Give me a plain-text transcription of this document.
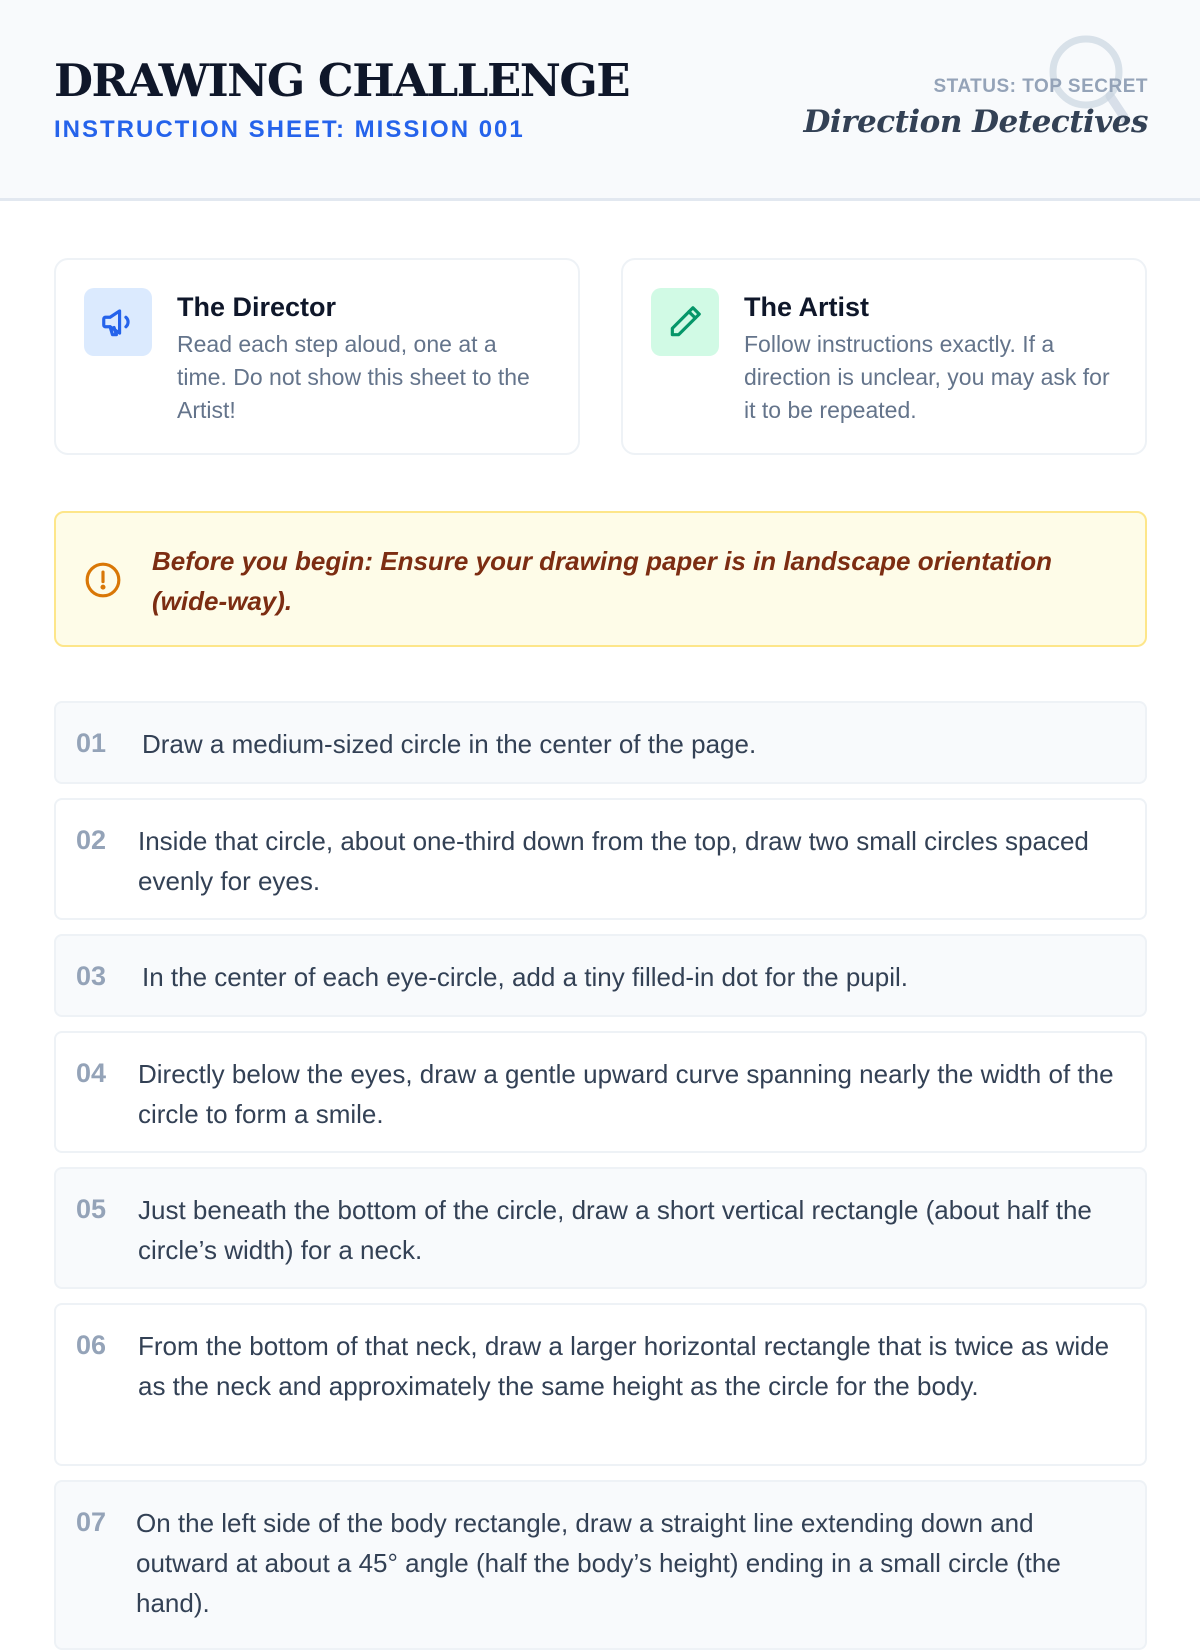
DRAWING CHALLENGE
INSTRUCTION SHEET: MISSION 001
STATUS: TOP SECRET
Direction Detectives
The Director
Read each step aloud, one at a time. Do not show this sheet to the Artist!
The Artist
Follow instructions exactly. If a direction is unclear, you may ask for it to be repeated.
Before you begin: Ensure your drawing paper is in landscape orientation (wide-way).
01 Draw a medium-sized circle in the center of the page.
02 Inside that circle, about one-third down from the top, draw two small circles spaced evenly for eyes.
03 In the center of each eye-circle, add a tiny filled-in dot for the pupil.
04 Directly below the eyes, draw a gentle upward curve spanning nearly the width of the circle to form a smile.
05 Just beneath the bottom of the circle, draw a short vertical rectangle (about half the circle’s width) for a neck.
06 From the bottom of that neck, draw a larger horizontal rectangle that is twice as wide as the neck and approximately the same height as the circle for the body.
07 On the left side of the body rectangle, draw a straight line extending down and outward at about a 45° angle (half the body’s height) ending in a small circle (the hand).
